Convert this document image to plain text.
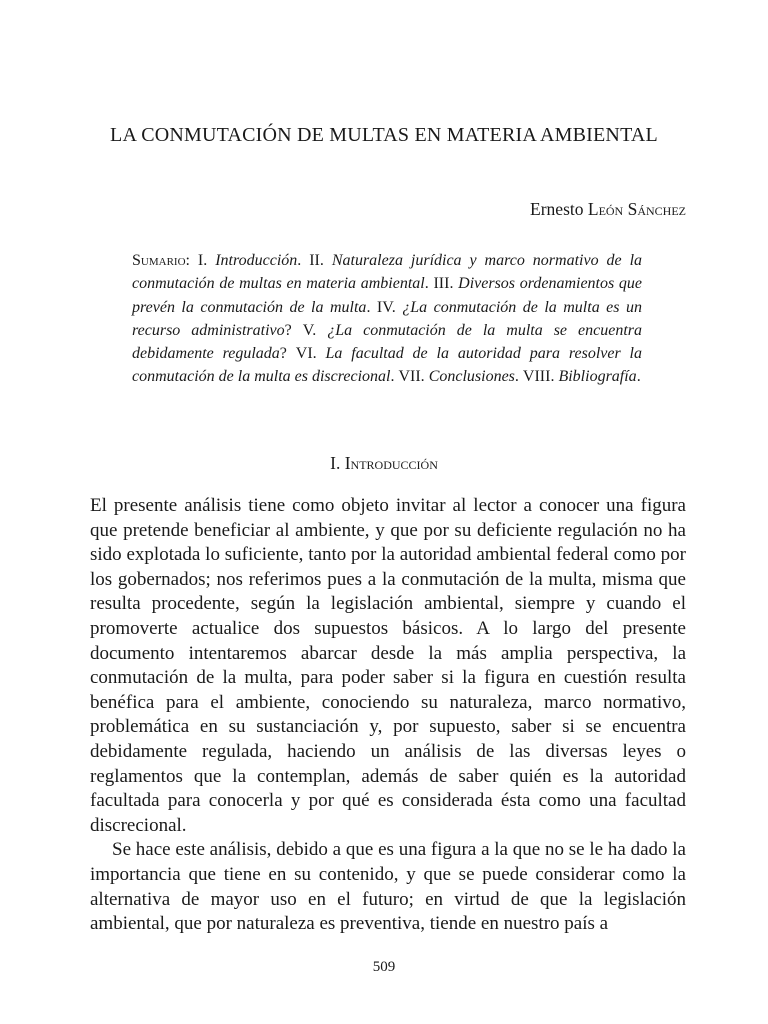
LA CONMUTACIÓN DE MULTAS EN MATERIA AMBIENTAL
Ernesto León Sánchez
Sumario: I. Introducción. II. Naturaleza jurídica y marco normativo de la conmutación de multas en materia ambiental. III. Diversos ordenamientos que prevén la conmutación de la multa. IV. ¿La conmutación de la multa es un recurso administrativo? V. ¿La conmutación de la multa se encuentra debidamente regulada? VI. La facultad de la autoridad para resolver la conmutación de la multa es discrecional. VII. Conclusiones. VIII. Bibliografía.
I. Introducción

El presente análisis tiene como objeto invitar al lector a conocer una figura que pretende beneficiar al ambiente, y que por su deficiente regulación no ha sido explotada lo suficiente, tanto por la autoridad ambiental federal como por los gobernados; nos referimos pues a la conmutación de la multa, misma que resulta procedente, según la legislación ambiental, siempre y cuando el promoverte actualice dos supuestos básicos. A lo largo del presente documento intentaremos abarcar desde la más amplia perspectiva, la conmutación de la multa, para poder saber si la figura en cuestión resulta benéfica para el ambiente, conociendo su naturaleza, marco normativo, problemática en su sustanciación y, por supuesto, saber si se encuentra debidamente regulada, haciendo un análisis de las diversas leyes o reglamentos que la contemplan, además de saber quién es la autoridad facultada para conocerla y por qué es considerada ésta como una facultad discrecional.

Se hace este análisis, debido a que es una figura a la que no se le ha dado la importancia que tiene en su contenido, y que se puede considerar como la alternativa de mayor uso en el futuro; en virtud de que la legislación ambiental, que por naturaleza es preventiva, tiende en nuestro país a

509
